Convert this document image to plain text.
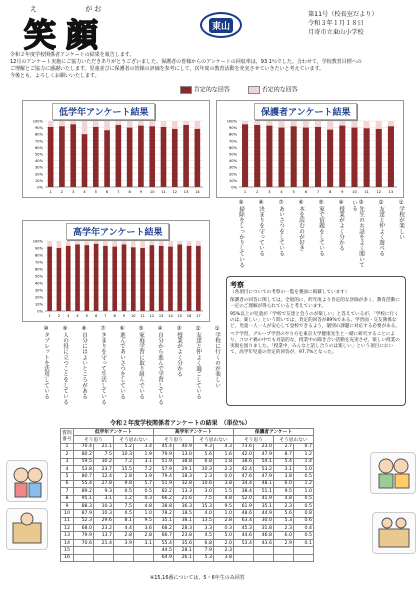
え	がお
笑顔	東山
第11号（校長室だより）
令和３年１月１８日
月寄市立東山小学校
令和２年度学校関係者アンケートの結果を報告します。
12月のアンケート実施にご協力いただきありがとうございました。保護者の皆様からのアンケートの回収率は，93.1％でした。合わせて，学校教育目標への
ご理解とご協力に感謝いたします。児童並びに保護者の皆様の評価を参考にして，次年度の教育活動を充実させていきたいと考えています。
今後とも，よろしくお願いいたします。
肯定的な回答	否定的な回答
100%
90%
80%
70%
60%
50%
40%
30%
20%
10%
0%
1 2 3 4 5 6 7 8 9 10 11 12 13 14
低学年アンケート結果
100%
90%
80%
70%
60%
50%
40%
30%
20%
10%
0%
1	2	3	4	5	6	7	8	9 10 11 12 13
保護者アンケート結果
100%
90%
80%
70%
60%
50%
40%
30%
20%
10%
0%
1 2 3 4 5 6 7 8 9 10 11 12 13 14 15 16 17
高学年アンケート結果	①学校が楽しい
②友達と仲よく遊べる
③先生のお話をよく聞いている
④授業がよく分かる
⑤家で宿題をしている
⑥本を読むのが好き
⑦あいさつをしている
⑧決まりを守っている
⑨掃除をしっかりしている
①学校に行くのが楽しい
②友達と仲よく過ごしている
③授業がよく分かる
④自分から進んで学習している
⑤家庭学習に取り組んでいる
⑥進んであいさつをしている
⑦きまりを守って生活している
⑧自分にはよいところがある
⑨人の役に立つことをしている
⑩タブレットを活用している
考察
（各項目についての考察の一覧を裏面に掲載しています）
保護者の回答に関しては，全般的に，昨年度より肯定的な評価が多く，教育活動に一定のご理解が得られていると考えています。
95%以上の児童が「学校で友達と会うのが楽しい」と答えているが，「学校に行くのは，楽しい」という問いでは，肯定的回答が89%である。学習面・交友関係など，児童一人一人が安心して登校できるよう，個別の課題に対応する必要がある。
ペア学習，グループ学習のやり方を東京大学健康先生と一緒に研究することにより，コロナ禍の中でも対話的な，授業中の聞き合い活動を充実させ，楽しい授業の実現を図りました。「授業中，みんなと話し合うのは楽しい」という項目において，高学年児童の肯定的回答が，97.7%となった。
令和２年度学校関係者アンケートの結果　（単位%）
質問番号	低学年アンケート				高学年アンケート				保護者アンケート			
	そう思う		そう思わない		そう思う		そう思わない		そう思う		そう思わない	
1	70.4	21.1	5.2	3.4	45.4	40.9	9.3	4.3	73.6	23.0	2.7	0.7
2	80.2	7.5	10.3	1.9	79.9	13.0	5.6	1.6	42.0	47.9	8.7	1.2
3	59.5	30.2	7.2	3.1	51.9	38.8	6.8	1.8	38.6	54.1	5.4	1.4
4	53.8	23.7	15.5	7.2	57.9	29.1	10.3	2.3	42.4	53.2	3.1	1.0
5	80.7	12.4	2.8	3.9	79.4	18.3	2.3	0.0	47.6	47.9	3.8	0.5
6	55.4	27.8	9.8	5.7	51.9	32.8	10.6	3.8	34.4	48.1	6.0	1.2
7	89.2	9.3	0.5	0.5	82.2	13.3	3.0	1.5	38.4	51.1	9.5	1.0
8	95.1	3.1	1.2	0.3	66.2	21.6	7.5	4.8	52.0	41.9	4.8	0.5
9	88.3	10.3	7.5	4.8	38.8	36.3	15.3	9.5	61.9	35.1	2.3	0.5
10	87.9	10.3	0.5	1.0	78.2	18.5	4.0	1.0	48.6	44.9	5.6	0.8
11	52.3	29.6	8.1	9.5	35.1	38.1	13.5	2.8	63.4	30.0	5.3	0.6
12	68.0	23.2	4.4	3.6	68.2	28.3	3.3	0.3	45.3	31.8	2.3	0.4
13	79.9	13.7	2.8	2.8	66.7	23.8	4.5	5.0	44.6	46.8	6.0	0.5
14	70.6	21.4	3.9	3.1	55.4	35.6	6.8	2.0	53.4	43.6	2.9	0.1
15					44.5	28.1	7.9	2.3				
16					64.9	26.1	5.3	3.8				
※15,16番については，5・6年生のみ回答
